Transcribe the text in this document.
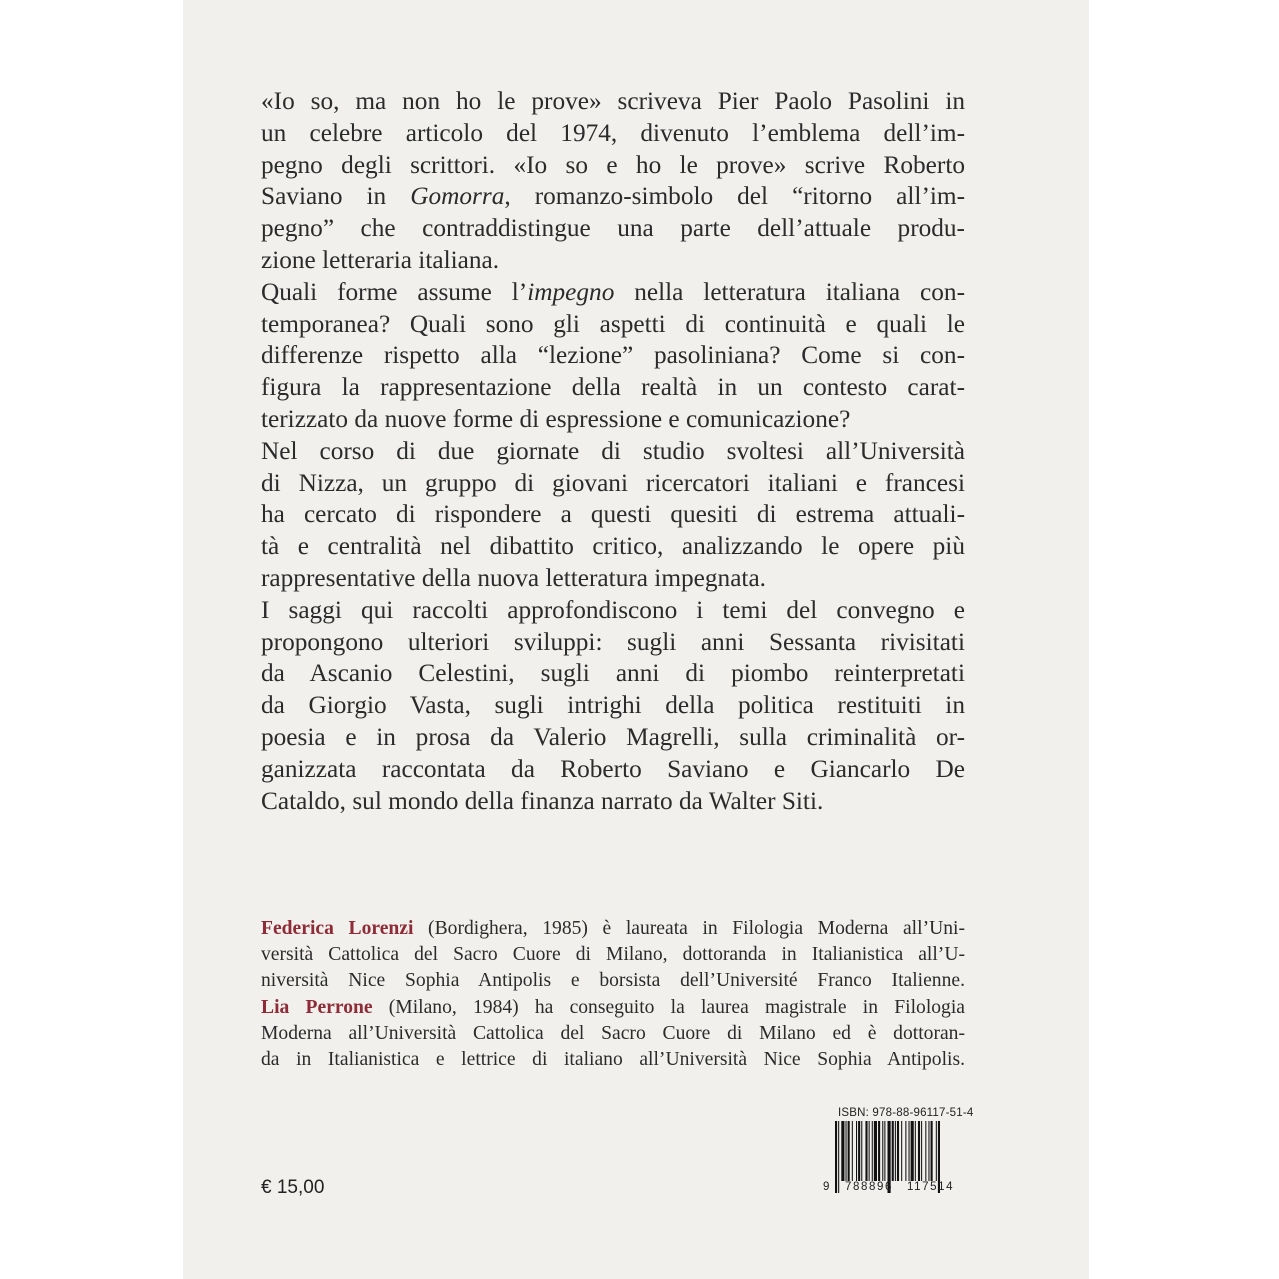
«Io so, ma non ho le prove» scriveva Pier Paolo Pasolini in
un celebre articolo del 1974, divenuto l’emblema dell’im-
pegno degli scrittori. «Io so e ho le prove» scrive Roberto
Saviano in Gomorra, romanzo-simbolo del “ritorno all’im-
pegno” che contraddistingue una parte dell’attuale produ-
zione letteraria italiana.
Quali forme assume l’impegno nella letteratura italiana con-
temporanea? Quali sono gli aspetti di continuità e quali le
differenze rispetto alla “lezione” pasoliniana? Come si con-
figura la rappresentazione della realtà in un contesto carat-
terizzato da nuove forme di espressione e comunicazione?
Nel corso di due giornate di studio svoltesi all’Università
di Nizza, un gruppo di giovani ricercatori italiani e francesi
ha cercato di rispondere a questi quesiti di estrema attuali-
tà e centralità nel dibattito critico, analizzando le opere più
rappresentative della nuova letteratura impegnata.
I saggi qui raccolti approfondiscono i temi del convegno e
propongono ulteriori sviluppi: sugli anni Sessanta rivisitati
da Ascanio Celestini, sugli anni di piombo reinterpretati
da Giorgio Vasta, sugli intrighi della politica restituiti in
poesia e in prosa da Valerio Magrelli, sulla criminalità or-
ganizzata raccontata da Roberto Saviano e Giancarlo De
Cataldo, sul mondo della finanza narrato da Walter Siti.
Federica Lorenzi (Bordighera, 1985) è laureata in Filologia Moderna all’Uni-
versità Cattolica del Sacro Cuore di Milano, dottoranda in Italianistica all’U-
niversità Nice Sophia Antipolis e borsista dell’Université Franco Italienne.
Lia Perrone (Milano, 1984) ha conseguito la laurea magistrale in Filologia
Moderna all’Università Cattolica del Sacro Cuore di Milano ed è dottoran-
da in Italianistica e lettrice di italiano all’Università Nice Sophia Antipolis.
€ 15,00
ISBN: 978-88-96117-51-4
9 788896 117514
